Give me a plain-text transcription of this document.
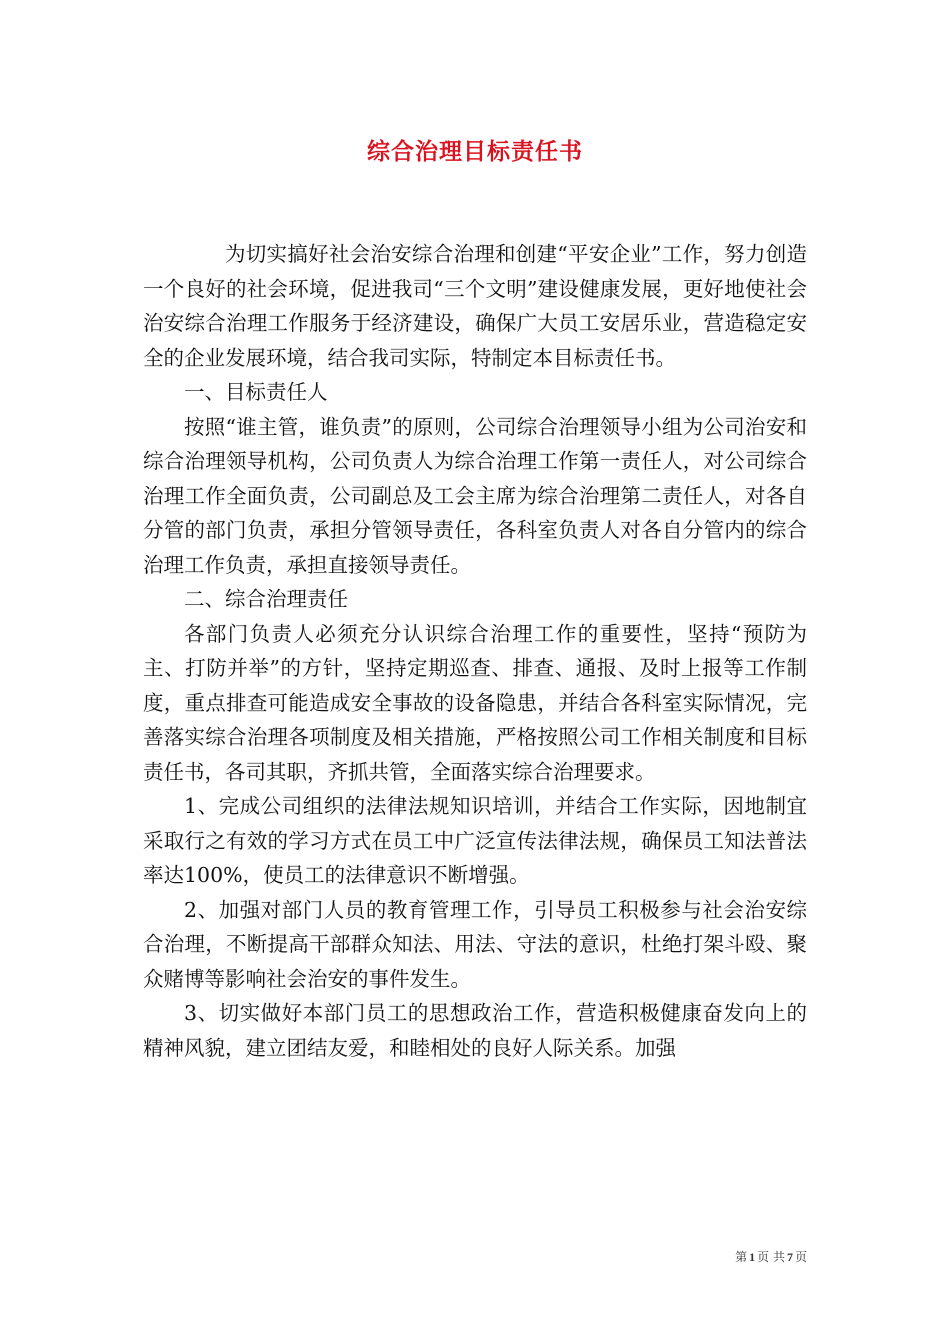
综合治理目标责任书

为切实搞好社会治安综合治理和创建“平安企业”工作，努力创造一个良好的社会环境，促进我司“三个文明”建设健康发展，更好地使社会治安综合治理工作服务于经济建设，确保广大员工安居乐业，营造稳定安全的企业发展环境，结合我司实际，特制定本目标责任书。

一、目标责任人

按照“谁主管，谁负责”的原则，公司综合治理领导小组为公司治安和综合治理领导机构，公司负责人为综合治理工作第一责任人，对公司综合治理工作全面负责，公司副总及工会主席为综合治理第二责任人，对各自分管的部门负责，承担分管领导责任，各科室负责人对各自分管内的综合治理工作负责，承担直接领导责任。

二、综合治理责任

各部门负责人必须充分认识综合治理工作的重要性，坚持“预防为主、打防并举”的方针，坚持定期巡查、排查、通报、及时上报等工作制度，重点排查可能造成安全事故的设备隐患，并结合各科室实际情况，完善落实综合治理各项制度及相关措施，严格按照公司工作相关制度和目标责任书，各司其职，齐抓共管，全面落实综合治理要求。

1、完成公司组织的法律法规知识培训，并结合工作实际，因地制宜采取行之有效的学习方式在员工中广泛宣传法律法规，确保员工知法普法率达100%，使员工的法律意识不断增强。

2、加强对部门人员的教育管理工作，引导员工积极参与社会治安综合治理，不断提高干部群众知法、用法、守法的意识，杜绝打架斗殴、聚众赌博等影响社会治安的事件发生。

3、切实做好本部门员工的思想政治工作，营造积极健康奋发向上的精神风貌，建立团结友爱，和睦相处的良好人际关系。加强

第 1 页 共 7 页
